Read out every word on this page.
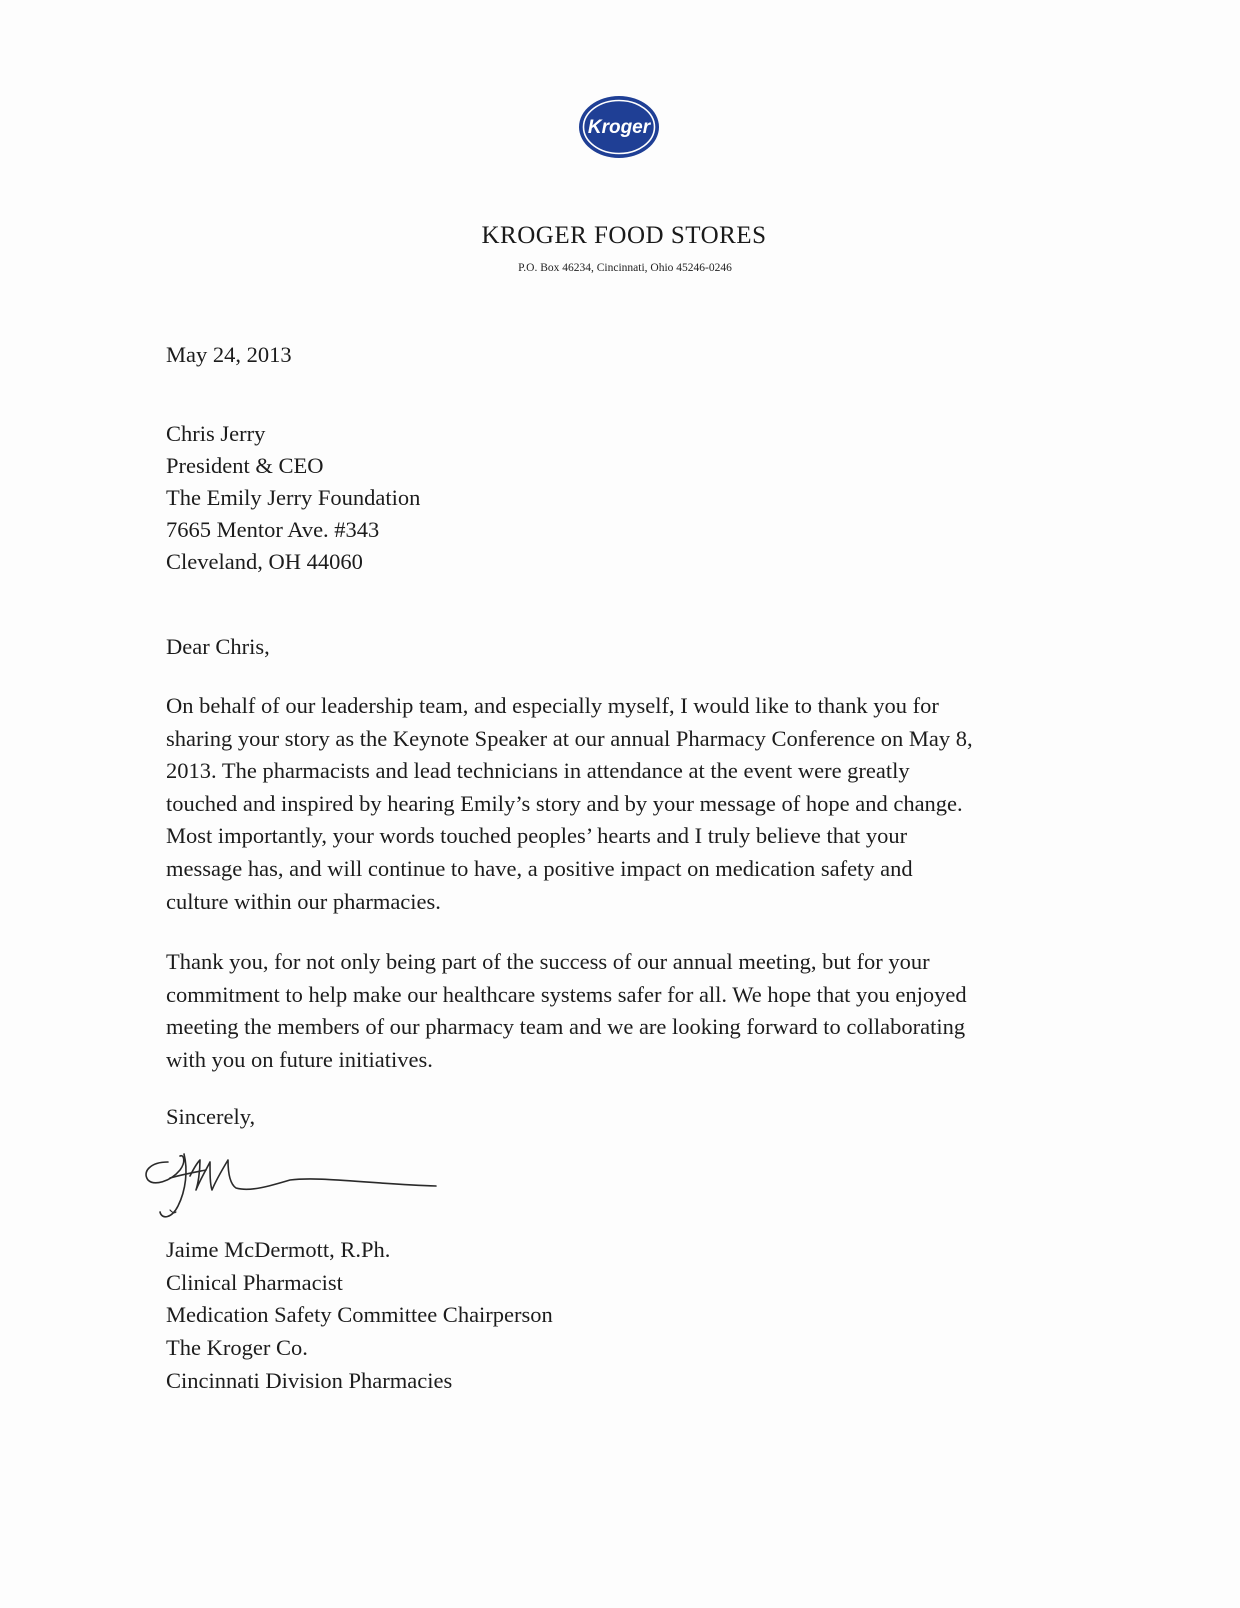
Kroger
KROGER FOOD STORES
P.O. Box 46234, Cincinnati, Ohio 45246-0246
May 24, 2013
Chris Jerry
President & CEO
The Emily Jerry Foundation
7665 Mentor Ave. #343
Cleveland, OH 44060
Dear Chris,
On behalf of our leadership team, and especially myself, I would like to thank you for
sharing your story as the Keynote Speaker at our annual Pharmacy Conference on May 8,
2013. The pharmacists and lead technicians in attendance at the event were greatly
touched and inspired by hearing Emily’s story and by your message of hope and change.
Most importantly, your words touched peoples’ hearts and I truly believe that your
message has, and will continue to have, a positive impact on medication safety and
culture within our pharmacies.
Thank you, for not only being part of the success of our annual meeting, but for your
commitment to help make our healthcare systems safer for all. We hope that you enjoyed
meeting the members of our pharmacy team and we are looking forward to collaborating
with you on future initiatives.
Sincerely,
Jaime McDermott, R.Ph.
Clinical Pharmacist
Medication Safety Committee Chairperson
The Kroger Co.
Cincinnati Division Pharmacies
